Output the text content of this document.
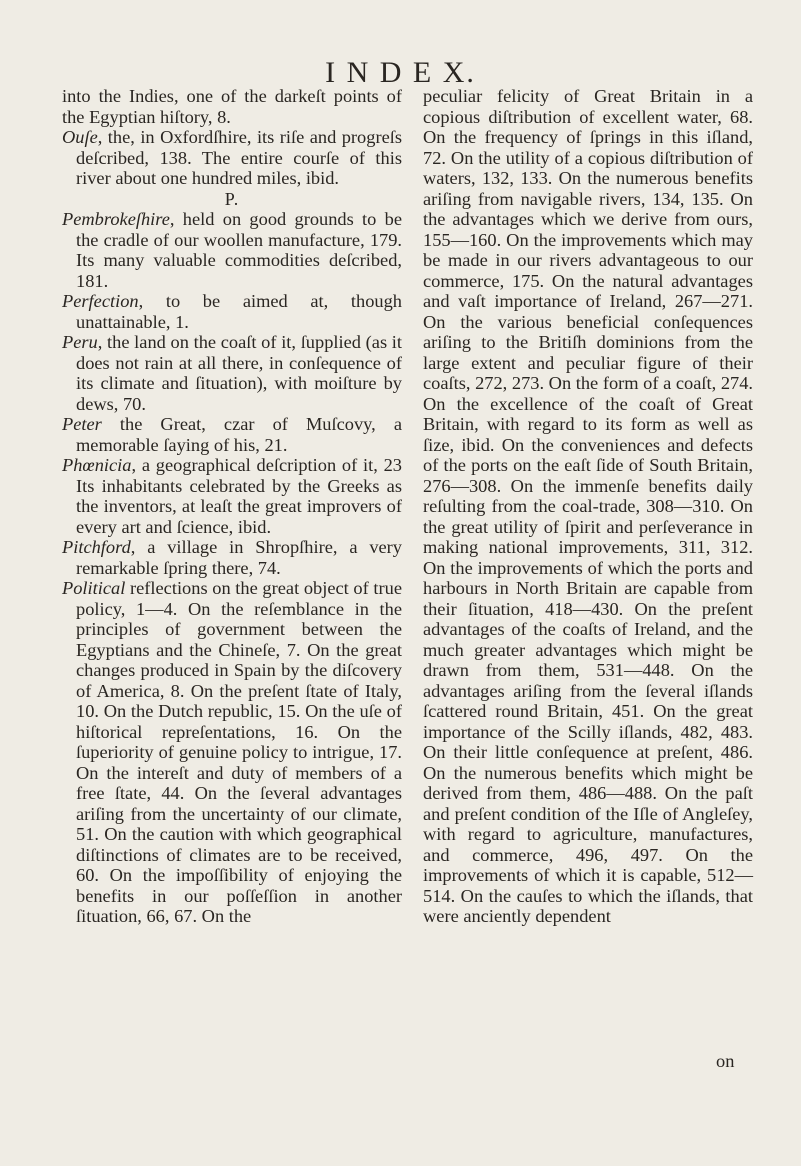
I N D E X.

into the Indies, one of the darkeſt points of the Egyptian hiſtory, 8.

Ouſe, the, in Oxfordſhire, its riſe and progreſs deſcribed, 138. The entire courſe of this river about one hundred miles, ibid.

P.

Pembrokeſhire, held on good grounds to be the cradle of our woollen manufacture, 179. Its many valuable commodities deſcribed, 181.

Perfection, to be aimed at, though unattainable, 1.

Peru, the land on the coaſt of it, ſupplied (as it does not rain at all there, in conſequence of its climate and ſituation), with moiſture by dews, 70.

Peter the Great, czar of Muſcovy, a memorable ſaying of his, 21.

Phœnicia, a geographical deſcription of it, 23 Its inhabitants celebrated by the Greeks as the inventors, at leaſt the great improvers of every art and ſcience, ibid.

Pitchford, a village in Shropſhire, a very remarkable ſpring there, 74.

Political reflections on the great object of true policy, 1—4. On the reſemblance in the principles of government between the Egyptians and the Chineſe, 7. On the great changes produced in Spain by the diſcovery of America, 8. On the preſent ſtate of Italy, 10. On the Dutch republic, 15. On the uſe of hiſtorical repreſentations, 16. On the ſuperiority of genuine policy to intrigue, 17. On the intereſt and duty of members of a free ſtate, 44. On the ſeveral advantages ariſing from the uncertainty of our climate, 51. On the caution with which geographical diſtinctions of climates are to be received, 60. On the impoſſibility of enjoying the benefits in our poſſeſſion in another ſituation, 66, 67. On the

peculiar felicity of Great Britain in a copious diſtribution of excellent water, 68. On the frequency of ſprings in this iſland, 72. On the utility of a copious diſtribution of waters, 132, 133. On the numerous benefits ariſing from navigable rivers, 134, 135. On the advantages which we derive from ours, 155—160. On the improvements which may be made in our rivers advantageous to our commerce, 175. On the natural advantages and vaſt importance of Ireland, 267—271. On the various beneficial conſequences ariſing to the Britiſh dominions from the large extent and peculiar figure of their coaſts, 272, 273. On the form of a coaſt, 274. On the excellence of the coaſt of Great Britain, with regard to its form as well as ſize, ibid. On the conveniences and defects of the ports on the eaſt ſide of South Britain, 276—308. On the immenſe benefits daily reſulting from the coal-trade, 308—310. On the great utility of ſpirit and perſeverance in making national improvements, 311, 312. On the improvements of which the ports and harbours in North Britain are capable from their ſituation, 418—430. On the preſent advantages of the coaſts of Ireland, and the much greater advantages which might be drawn from them, 531—448. On the advantages ariſing from the ſeveral iſlands ſcattered round Britain, 451. On the great importance of the Scilly iſlands, 482, 483. On their little conſequence at preſent, 486. On the numerous benefits which might be derived from them, 486—488. On the paſt and preſent condition of the Iſle of Angleſey, with regard to agriculture, manufactures, and commerce, 496, 497. On the improvements of which it is capable, 512—514. On the cauſes to which the iſlands, that were anciently dependent

on
